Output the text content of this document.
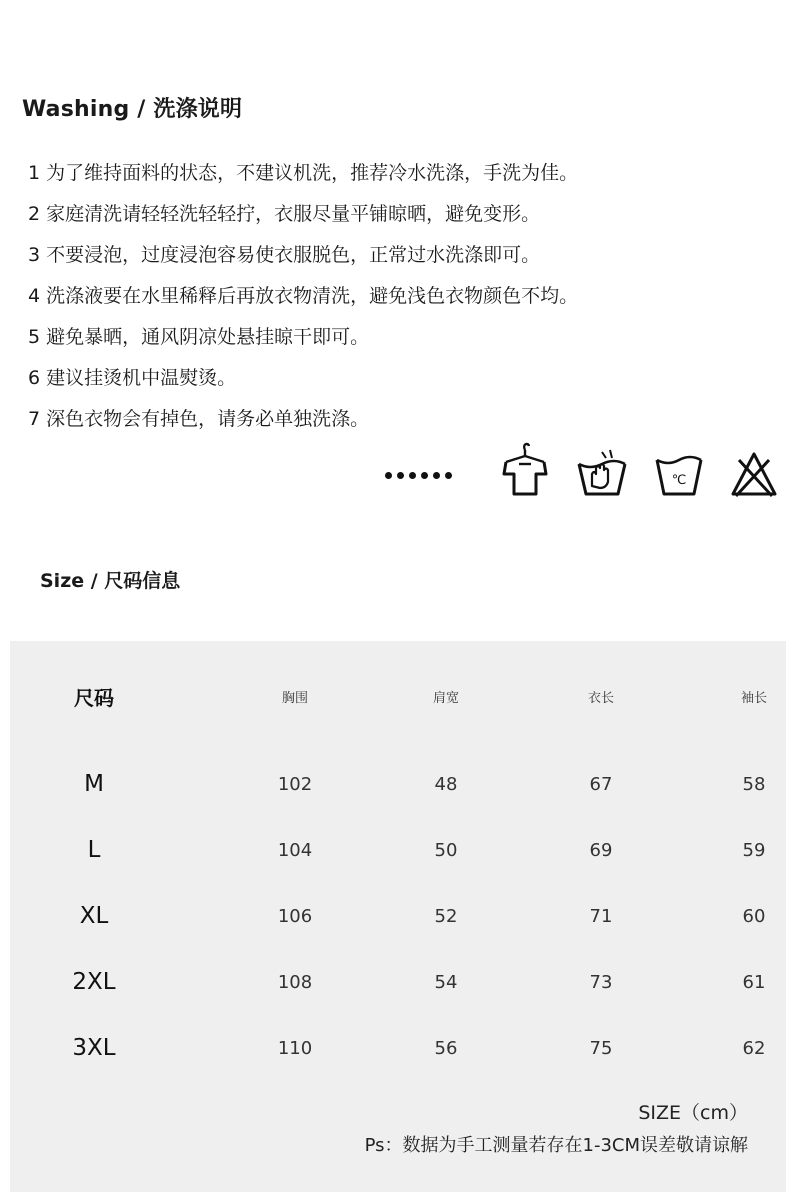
Washing / 洗涤说明
1 为了维持面料的状态，不建议机洗，推荐冷水洗涤，手洗为佳。
2 家庭清洗请轻轻洗轻轻拧，衣服尽量平铺晾晒，避免变形。
3 不要浸泡，过度浸泡容易使衣服脱色，正常过水洗涤即可。
4 洗涤液要在水里稀释后再放衣物清洗，避免浅色衣物颜色不均。
5 避免暴晒，通风阴凉处悬挂晾干即可。
6 建议挂烫机中温熨烫。
7 深色衣物会有掉色，请务必单独洗涤。
℃
Size / 尺码信息
尺码	胸围	肩宽	衣长	袖长
M	102	48	67	58
L	104	50	69	59
XL	106	52	71	60
2XL	108	54	73	61
3XL	110	56	75	62
SIZE（cm）
Ps：数据为手工测量若存在1-3CM误差敬请谅解
